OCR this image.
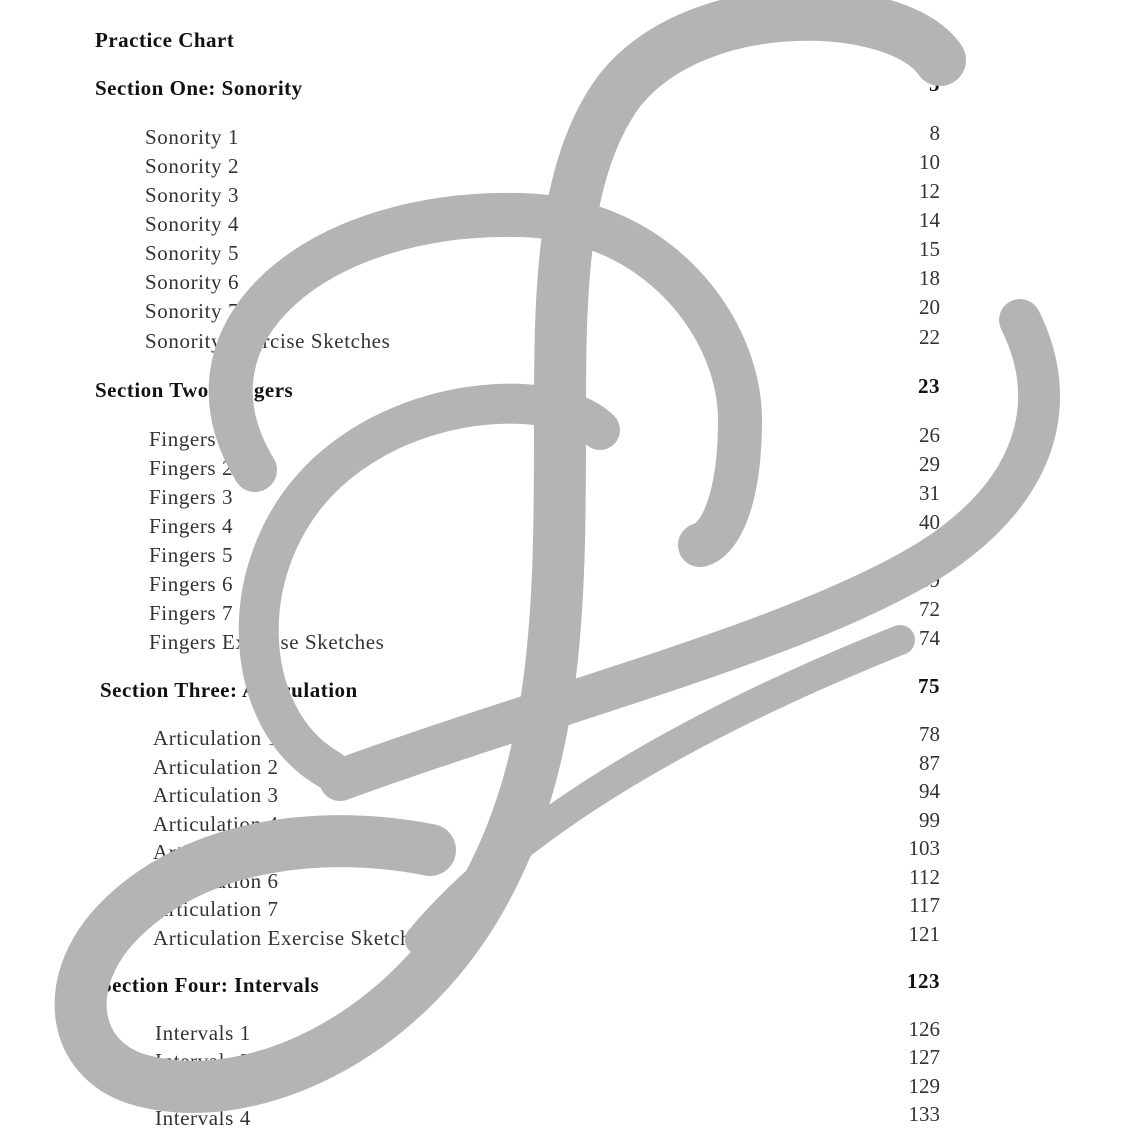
Practice Chart	3
Section One: Sonority	5
Sonority 1	8
Sonority 2	10
Sonority 3	12
Sonority 4	14
Sonority 5	15
Sonority 6	18
Sonority 7	20
Sonority Exercise Sketches	22
Section Two: Fingers	23
Fingers 1	26
Fingers 2	29
Fingers 3	31
Fingers 4	40
Fingers 5	49
Fingers 6	69
Fingers 7	72
Fingers Exercise Sketches	74
Section Three: Articulation	75
Articulation 1	78
Articulation 2	87
Articulation 3	94
Articulation 4	99
Articulation 5	103
Articulation 6	112
Articulation 7	117
Articulation Exercise Sketches	121
Section Four: Intervals	123
Intervals 1	126
Intervals 2	127
Intervals 3	129
Intervals 4	133
